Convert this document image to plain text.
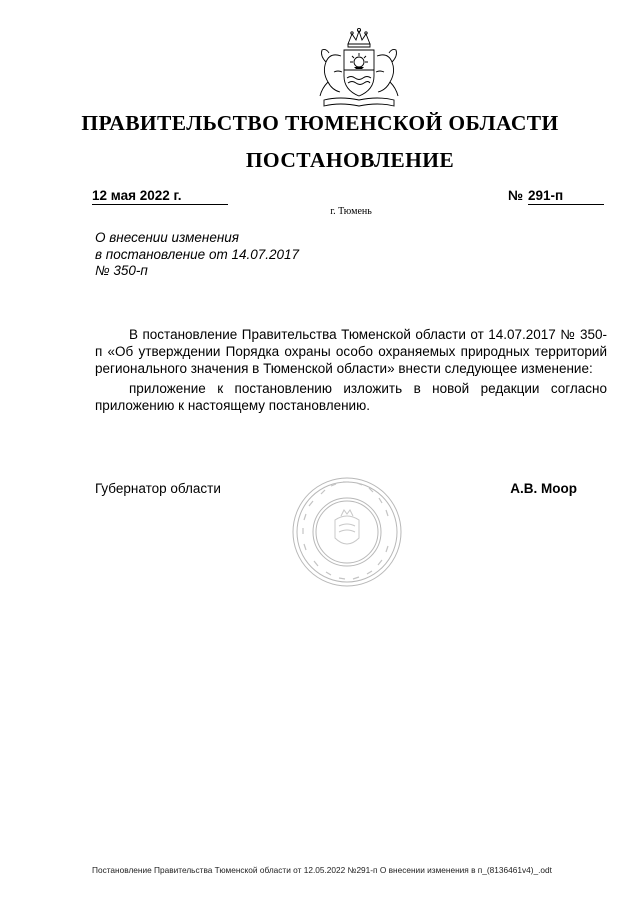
ПРАВИТЕЛЬСТВО ТЮМЕНСКОЙ ОБЛАСТИ
ПОСТАНОВЛЕНИЕ
12 мая 2022 г.	№ 291-п
г. Тюмень
О внесении изменения
в постановление от 14.07.2017
№ 350-п

В постановление Правительства Тюменской области от 14.07.2017 № 350-п «Об утверждении Порядка охраны особо охраняемых природных территорий регионального значения в Тюменской области» внести следующее изменение:

приложение к постановлению изложить в новой редакции согласно приложению к настоящему постановлению.

Губернатор области	А.В. Моор
Постановление Правительства Тюменской области от 12.05.2022 №291-п О внесении изменения в п_(8136461v4)_.odt
